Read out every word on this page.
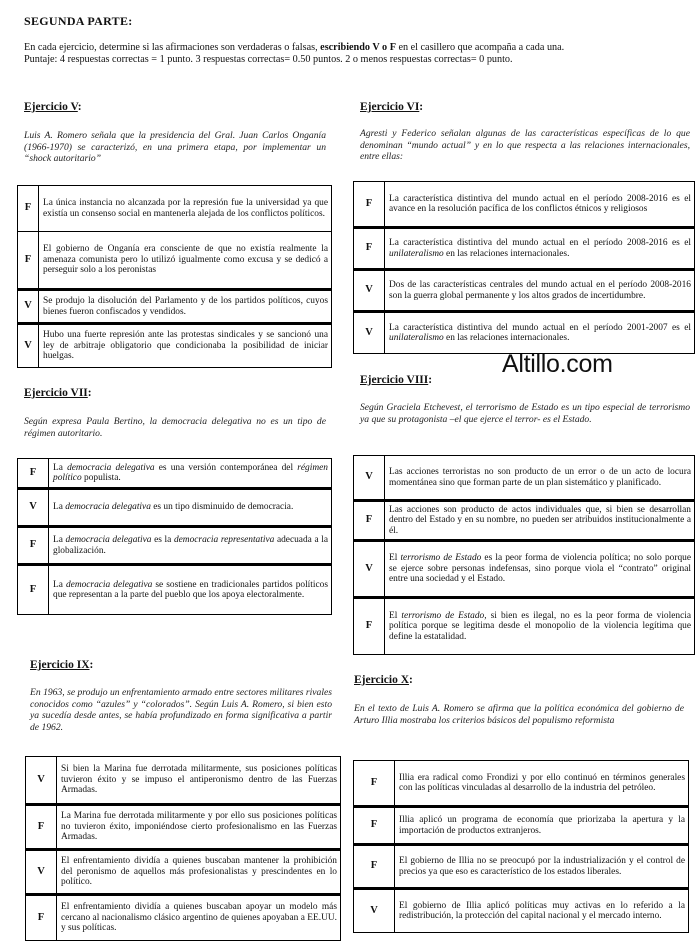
SEGUNDA PARTE:
En cada ejercicio, determine si las afirmaciones son verdaderas o falsas, escribiendo V o F en el casillero que acompaña a cada una.
Puntaje: 4 respuestas correctas = 1 punto. 3 respuestas correctas= 0.50 puntos. 2 o menos respuestas correctas= 0 punto.
Altillo.com
Ejercicio V:
Luis A. Romero señala que la presidencia del Gral. Juan Carlos Onganía (1966-1970) se caracterizó, en una primera etapa, por implementar un “shock autoritario”
F	La única instancia no alcanzada por la represión fue la universidad ya que existía un consenso social en mantenerla alejada de los conflictos políticos.
F	El gobierno de Onganía era consciente de que no existía realmente la amenaza comunista pero lo utilizó igualmente como excusa y se dedicó a perseguir solo a los peronistas
V	Se produjo la disolución del Parlamento y de los partidos políticos, cuyos bienes fueron confiscados y vendidos.
V	Hubo una fuerte represión ante las protestas sindicales y se sancionó una ley de arbitraje obligatorio que condicionaba la posibilidad de iniciar huelgas.
Ejercicio VI:
Agresti y Federico señalan algunas de las características específicas de lo que denominan “mundo actual” y en lo que respecta a las relaciones internacionales, entre ellas:
F	La característica distintiva del mundo actual en el período 2008-2016 es el avance en la resolución pacífica de los conflictos étnicos y religiosos
F	La característica distintiva del mundo actual en el período 2008-2016 es el unilateralismo en las relaciones internacionales.
V	Dos de las características centrales del mundo actual en el período 2008-2016 son la guerra global permanente y los altos grados de incertidumbre.
V	La característica distintiva del mundo actual en el período 2001-2007 es el unilateralismo en las relaciones internacionales.
Ejercicio VII:
Según expresa Paula Bertino, la democracia delegativa no es un tipo de régimen autoritario.
F	La democracia delegativa es una versión contemporánea del régimen político populista.
V	La democracia delegativa es un tipo disminuido de democracia.
F	La democracia delegativa es la democracia representativa adecuada a la globalización.
F	La democracia delegativa se sostiene en tradicionales partidos políticos que representan a la parte del pueblo que los apoya electoralmente.
Ejercicio VIII:
Según Graciela Etchevest, el terrorismo de Estado es un tipo especial de terrorismo ya que su protagonista –el que ejerce el terror- es el Estado.
V	Las acciones terroristas no son producto de un error o de un acto de locura momentánea sino que forman parte de un plan sistemático y planificado.
F	Las acciones son producto de actos individuales que, si bien se desarrollan dentro del Estado y en su nombre, no pueden ser atribuidos institucionalmente a él.
V	El terrorismo de Estado es la peor forma de violencia política; no solo porque se ejerce sobre personas indefensas, sino porque viola el “contrato” original entre una sociedad y el Estado.
F	El terrorismo de Estado, si bien es ilegal, no es la peor forma de violencia política porque se legitima desde el monopolio de la violencia legítima que define la estatalidad.
Ejercicio IX:
En 1963, se produjo un enfrentamiento armado entre sectores militares rivales conocidos como “azules” y “colorados”. Según Luis A. Romero, si bien esto ya sucedía desde antes, se había profundizado en forma significativa a partir de 1962.
V	Si bien la Marina fue derrotada militarmente, sus posiciones políticas tuvieron éxito y se impuso el antiperonismo dentro de las Fuerzas Armadas.
F	La Marina fue derrotada militarmente y por ello sus posiciones políticas no tuvieron éxito, imponiéndose cierto profesionalismo en las Fuerzas Armadas.
V	El enfrentamiento dividía a quienes buscaban mantener la prohibición del peronismo de aquellos más profesionalistas y prescindentes en lo político.
F	El enfrentamiento dividía a quienes buscaban apoyar un modelo más cercano al nacionalismo clásico argentino de quienes apoyaban a EE.UU. y sus políticas.
Ejercicio X:
En el texto de Luis A. Romero se afirma que la política económica del gobierno de Arturo Illia mostraba los criterios básicos del populismo reformista
F	Illia era radical como Frondizi y por ello continuó en términos generales con las políticas vinculadas al desarrollo de la industria del petróleo.
F	Illia aplicó un programa de economía que priorizaba la apertura y la importación de productos extranjeros.
F	El gobierno de Illia no se preocupó por la industrialización y el control de precios ya que eso es característico de los estados liberales.
V	El gobierno de Illia aplicó políticas muy activas en lo referido a la redistribución, la protección del capital nacional y el mercado interno.
